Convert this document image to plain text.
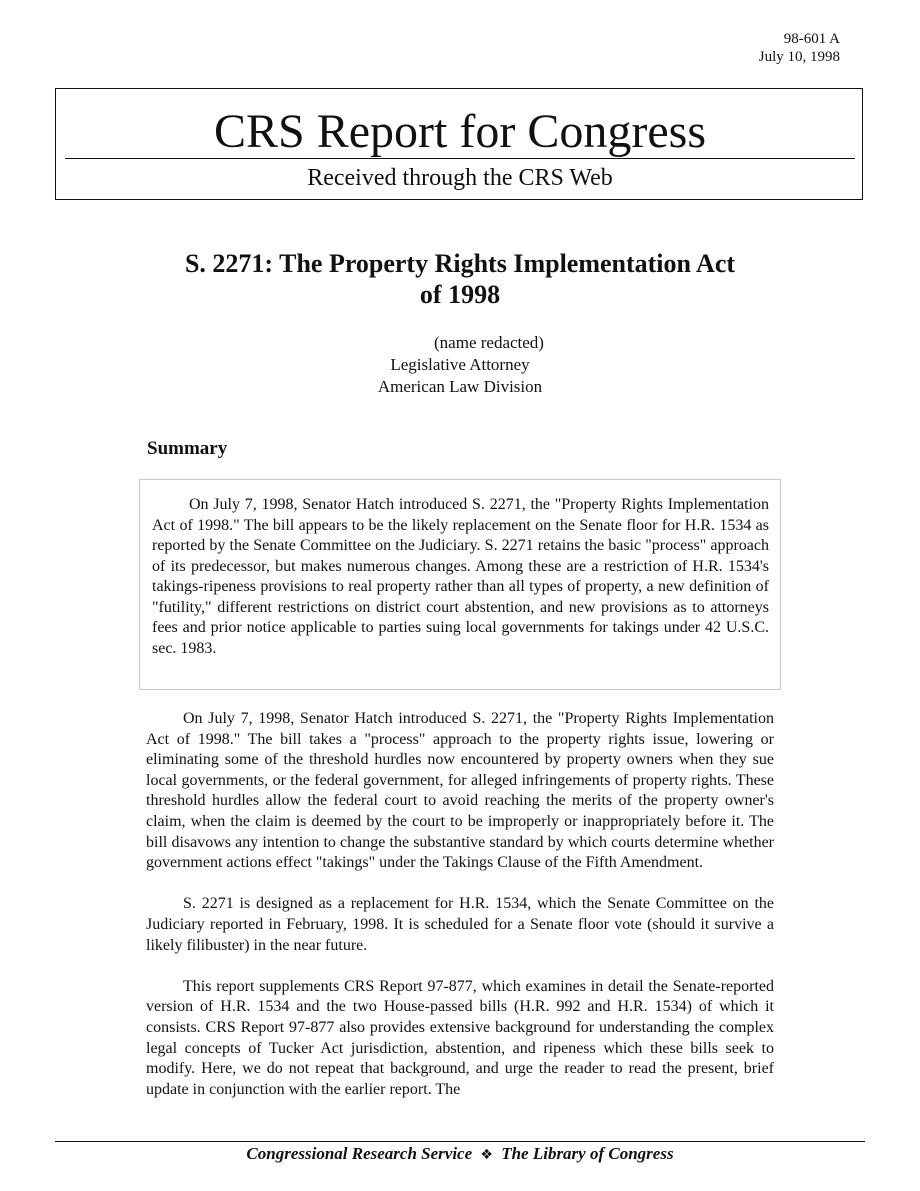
98-601 A
July 10, 1998
CRS Report for Congress
Received through the CRS Web
S. 2271: The Property Rights Implementation Act
of 1998
(name redacted)
Legislative Attorney
American Law Division
Summary

On July 7, 1998, Senator Hatch introduced S. 2271, the "Property Rights Implementation Act of 1998." The bill appears to be the likely replacement on the Senate floor for H.R. 1534 as reported by the Senate Committee on the Judiciary. S. 2271 retains the basic "process" approach of its predecessor, but makes numerous changes. Among these are a restriction of H.R. 1534's takings-ripeness provisions to real property rather than all types of property, a new definition of "futility," different restrictions on district court abstention, and new provisions as to attorneys fees and prior notice applicable to parties suing local governments for takings under 42 U.S.C. sec. 1983.

On July 7, 1998, Senator Hatch introduced S. 2271, the "Property Rights Implementation Act of 1998." The bill takes a "process" approach to the property rights issue, lowering or eliminating some of the threshold hurdles now encountered by property owners when they sue local governments, or the federal government, for alleged infringements of property rights. These threshold hurdles allow the federal court to avoid reaching the merits of the property owner's claim, when the claim is deemed by the court to be improperly or inappropriately before it. The bill disavows any intention to change the substantive standard by which courts determine whether government actions effect "takings" under the Takings Clause of the Fifth Amendment.

S. 2271 is designed as a replacement for H.R. 1534, which the Senate Committee on the Judiciary reported in February, 1998. It is scheduled for a Senate floor vote (should it survive a likely filibuster) in the near future.

This report supplements CRS Report 97-877, which examines in detail the Senate-reported version of H.R. 1534 and the two House-passed bills (H.R. 992 and H.R. 1534) of which it consists. CRS Report 97-877 also provides extensive background for understanding the complex legal concepts of Tucker Act jurisdiction, abstention, and ripeness which these bills seek to modify. Here, we do not repeat that background, and urge the reader to read the present, brief update in conjunction with the earlier report. The

Congressional Research Service ❖ The Library of Congress
